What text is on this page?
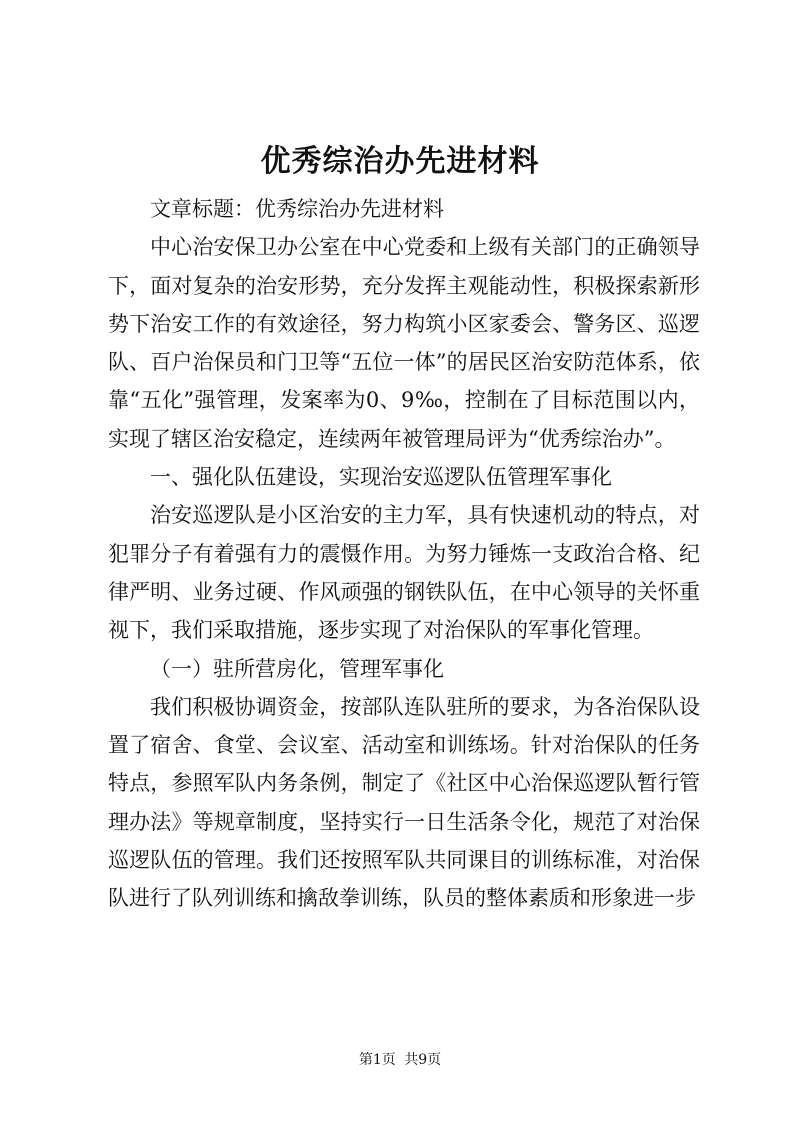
优秀综治办先进材料

文章标题：优秀综治办先进材料

中心治安保卫办公室在中心党委和上级有关部门的正确领导下，面对复杂的治安形势，充分发挥主观能动性，积极探索新形势下治安工作的有效途径，努力构筑小区家委会、警务区、巡逻队、百户治保员和门卫等“五位一体”的居民区治安防范体系，依靠“五化”强管理，发案率为0、9‰，控制在了目标范围以内，实现了辖区治安稳定，连续两年被管理局评为“优秀综治办”。

一、强化队伍建设，实现治安巡逻队伍管理军事化

治安巡逻队是小区治安的主力军，具有快速机动的特点，对犯罪分子有着强有力的震慑作用。为努力锤炼一支政治合格、纪律严明、业务过硬、作风顽强的钢铁队伍，在中心领导的关怀重视下，我们采取措施，逐步实现了对治保队的军事化管理。

（一）驻所营房化，管理军事化

我们积极协调资金，按部队连队驻所的要求，为各治保队设置了宿舍、食堂、会议室、活动室和训练场。针对治保队的任务特点，参照军队内务条例，制定了《社区中心治保巡逻队暂行管理办法》等规章制度，坚持实行一日生活条令化，规范了对治保巡逻队伍的管理。我们还按照军队共同课目的训练标准，对治保队进行了队列训练和擒敌拳训练，队员的整体素质和形象进一步

第1页 共9页
